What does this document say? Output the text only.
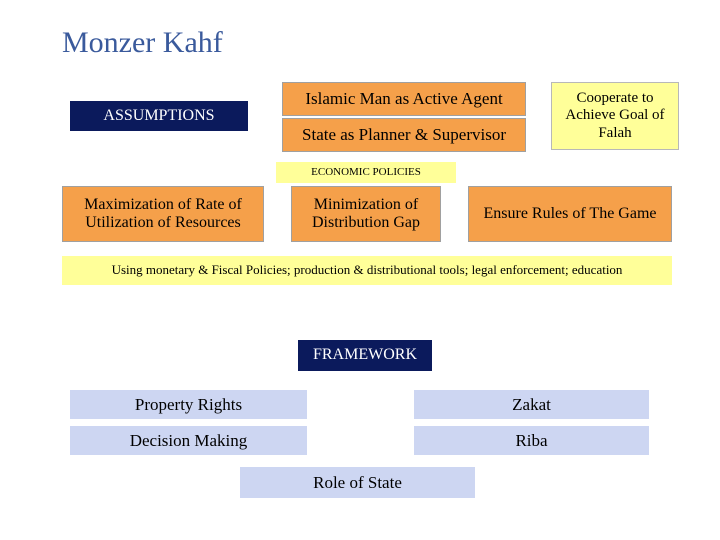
Monzer Kahf
ASSUMPTIONS
Islamic Man as Active Agent
State as Planner & Supervisor
Cooperate to Achieve Goal of Falah
ECONOMIC POLICIES
Maximization of Rate of Utilization of Resources
Minimization of Distribution Gap
Ensure Rules of The Game
Using monetary & Fiscal Policies; production & distributional tools; legal enforcement; education
FRAMEWORK
Property Rights	Zakat
Decision Making	Riba
Role of State
